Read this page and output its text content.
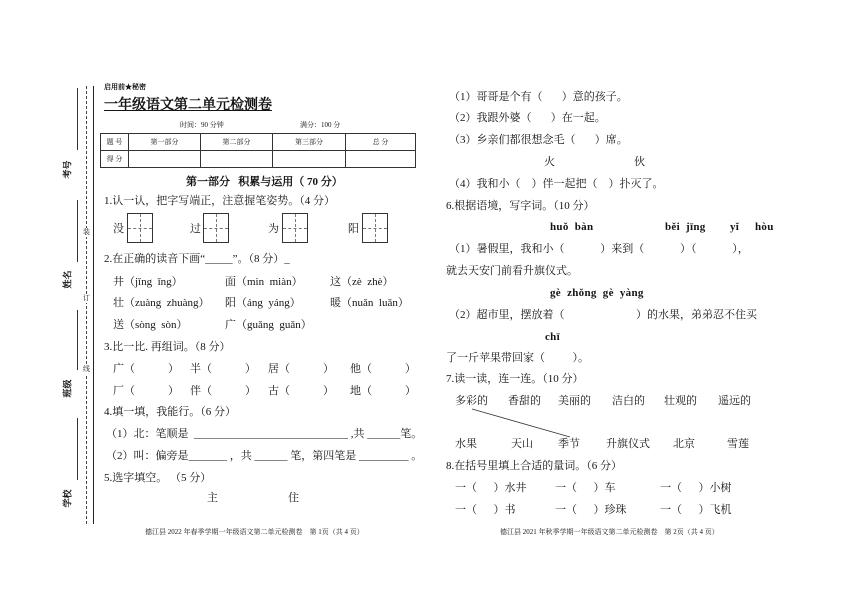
考号
姓名
班级
学校
装
订
线
启用前★秘密
一年级语文第二单元检测卷
时间：90 分钟	满分：100 分
题 号	第一部分	第二部分	第三部分	总 分
得 分				
第一部分   积累与运用（ 70 分）
1.认一认，把字写端正，注意握笔姿势。（4 分）
没	过	为	阳
2.在正确的读音下画“_____”。（8 分）_
井（jǐng  ǐng）	面（min  miàn） 这（zè  zhè）
壮（zuàng  zhuàng） 阳（áng  yáng）	暖（nuǎn  luǎn）
送（sòng  sòn）	广（guǎng  guǎn）
3.比一比. 再组词。（8 分）
广（            ） 半（            ） 居（            ） 他（            ）
厂（            ） 伴（            ） 古（            ） 地（            ）
4.填一填，我能行。（6 分）
（1）北：笔顺是  ____________________________ ,共 ______笔。
（2）叫：偏旁是_______ ，共 ______ 笔，第四笔是 _________ 。
5.选字填空。 （5 分）
主	住
德江县 2022 年春季学期一年级语文第二单元检测卷    第 1页（共 4 页）
（1）哥哥是个有（       ）意的孩子。
（2）我跟外婆（       ）在一起。
（3）乡亲们都很想念毛（       ）席。
火	伙
（4）我和小（    ）伴一起把（    ）扑灭了。
6.根据语境，写字词。（10 分）
huǒ  bàn	běi  jīng yǐ hòu
（1）暑假里，我和小（             ）来到（             ）（             ），
就去天安门前看升旗仪式。
gè  zhǒng  gè  yàng
（2）超市里，摆放着（                          ）的水果，弟弟忍不住买
chī
了一斤苹果带回家（          ）。
7.读一读，连一连。（10 分）
多彩的 香甜的 美丽的 洁白的 壮观的 遥远的
水果	天山 季节 升旗仪式 北京	雪莲
8.在括号里填上合适的量词。（6 分）
一（      ）水井	一（      ）车	一（      ）小树
一（      ）书	一（      ）珍珠	一（      ）飞机
德江县 2021 年秋季学期一年级语文第二单元检测卷    第 2页（共 4 页）
